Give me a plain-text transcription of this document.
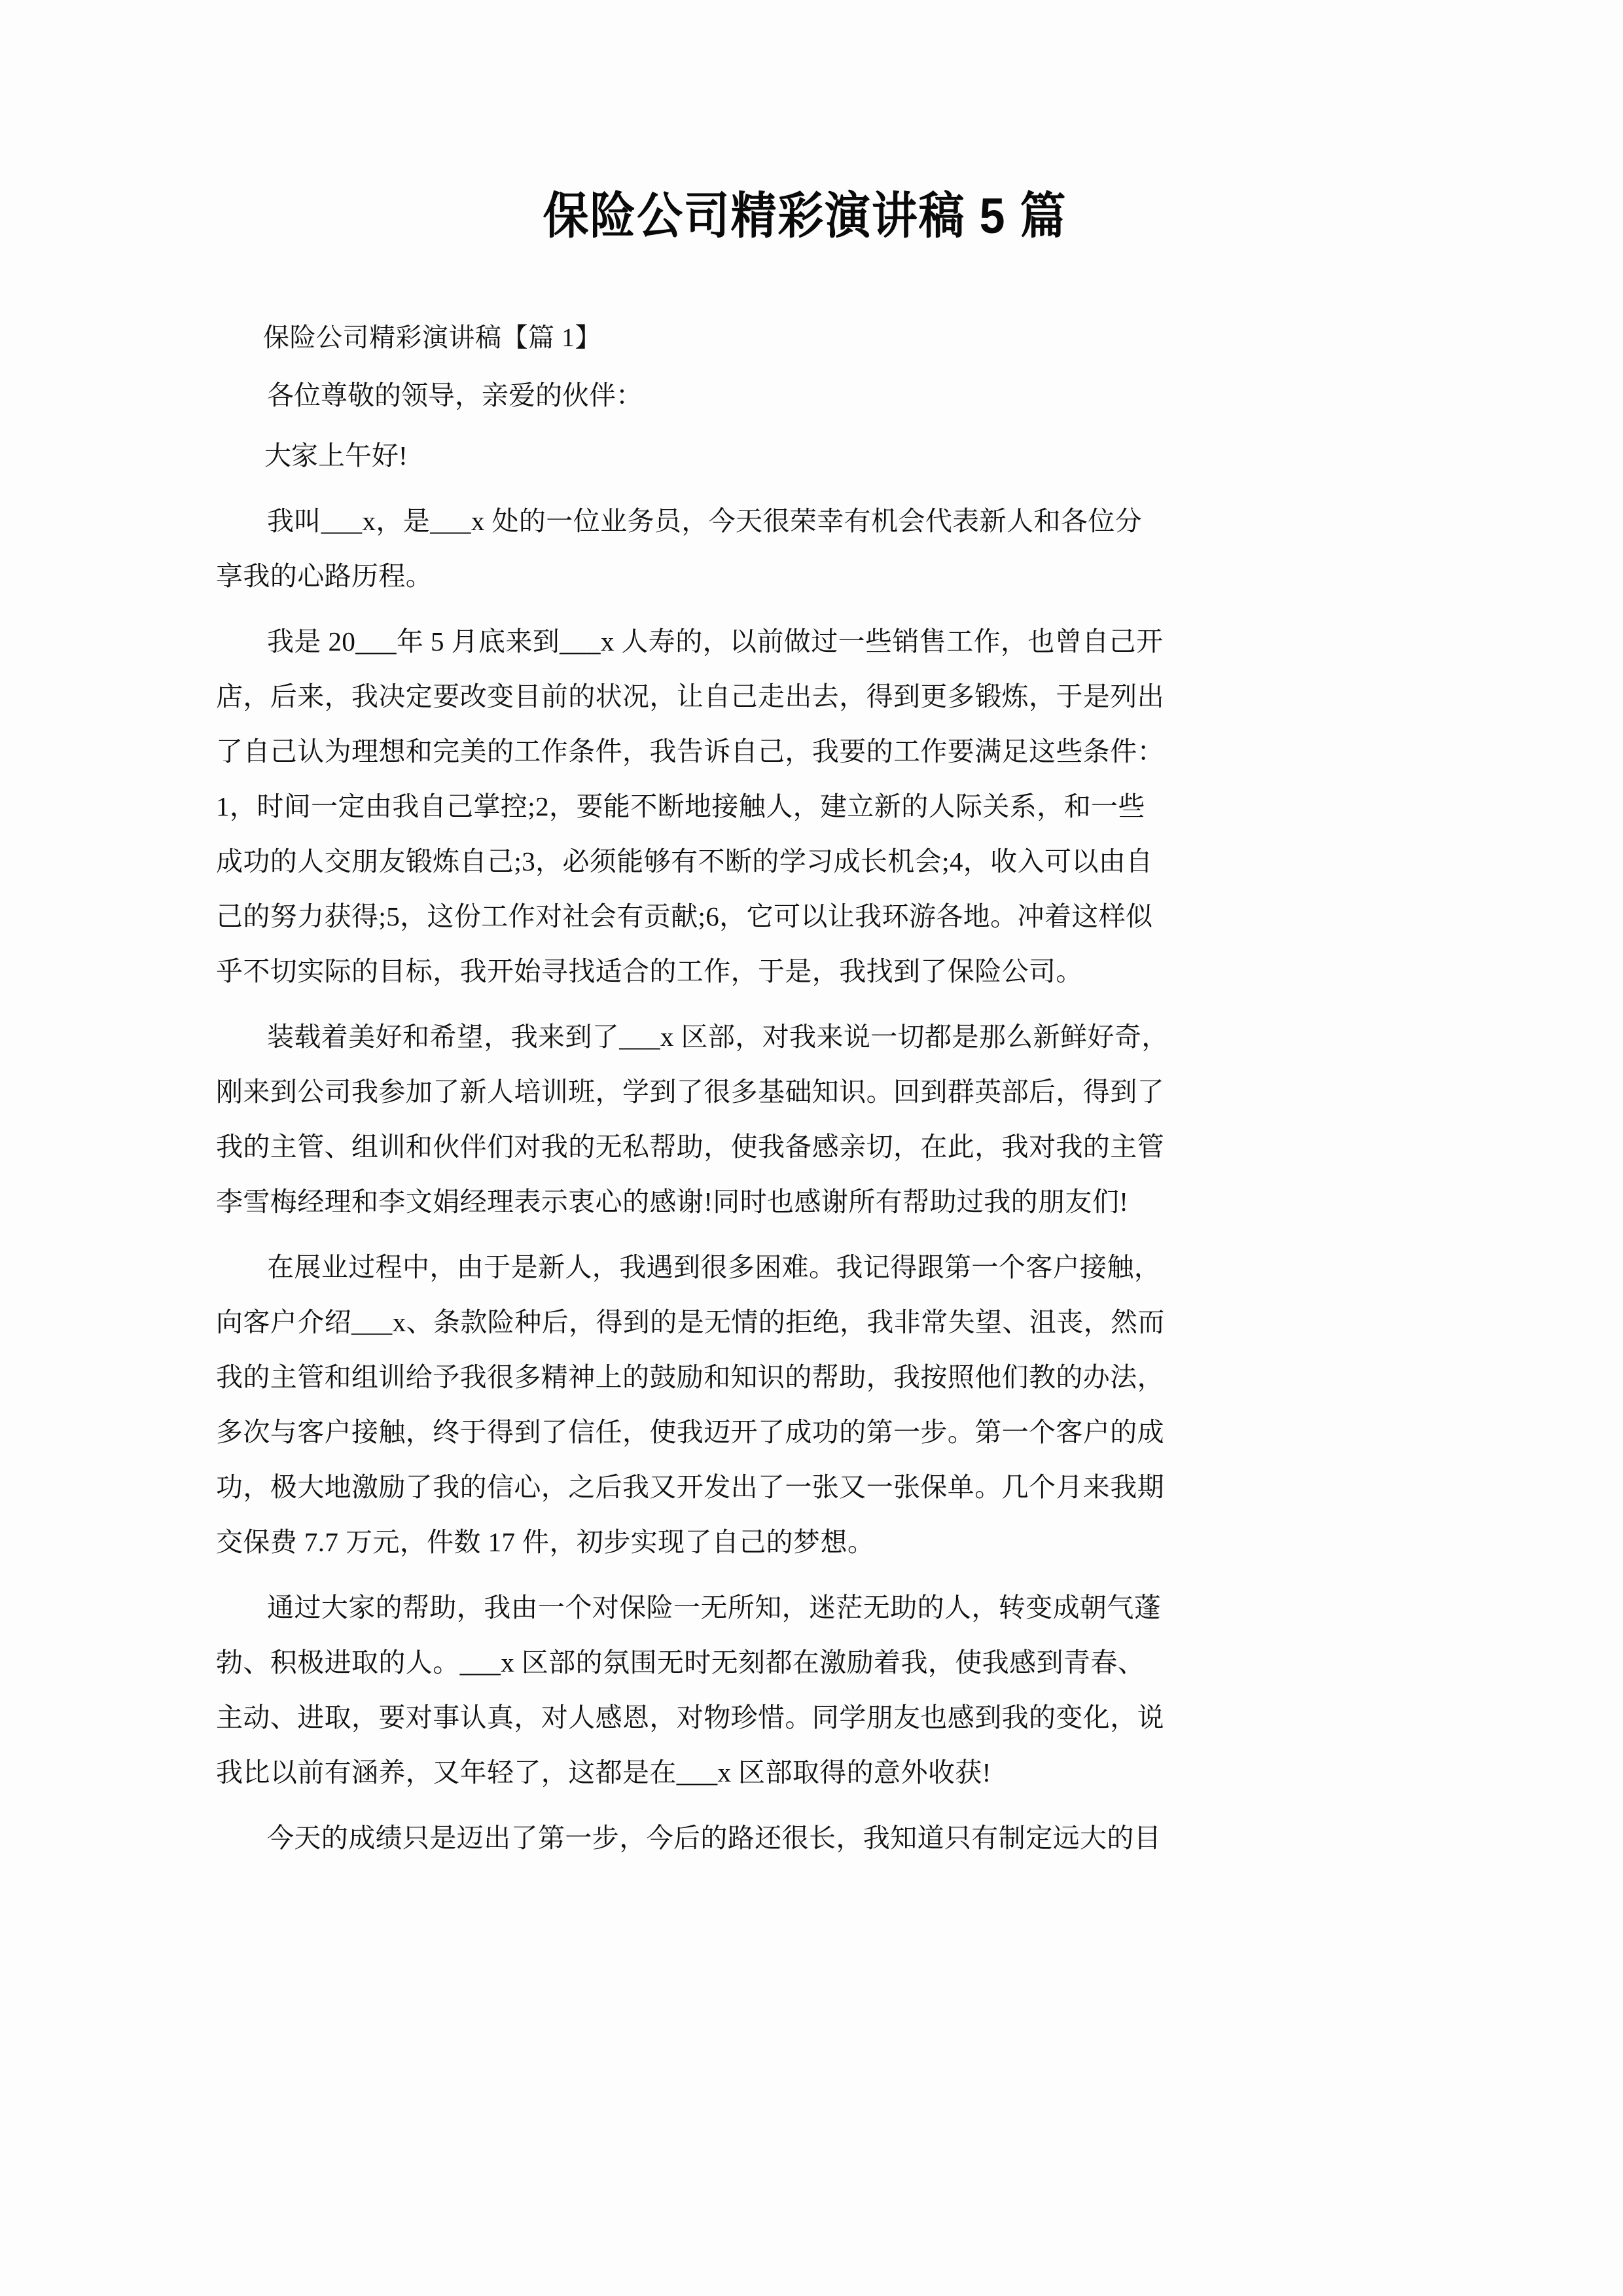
保险公司精彩演讲稿 5 篇

保险公司精彩演讲稿【篇 1】

各位尊敬的领导，亲爱的伙伴：

大家上午好!

我叫___x，是___x 处的一位业务员，今天很荣幸有机会代表新人和各位分

享我的心路历程。

我是 20___年 5 月底来到___x 人寿的，以前做过一些销售工作，也曾自己开

店，后来，我决定要改变目前的状况，让自己走出去，得到更多锻炼，于是列出

了自己认为理想和完美的工作条件，我告诉自己，我要的工作要满足这些条件：

1，时间一定由我自己掌控;2，要能不断地接触人，建立新的人际关系，和一些

成功的人交朋友锻炼自己;3，必须能够有不断的学习成长机会;4，收入可以由自

己的努力获得;5，这份工作对社会有贡献;6，它可以让我环游各地。冲着这样似

乎不切实际的目标，我开始寻找适合的工作，于是，我找到了保险公司。

装载着美好和希望，我来到了___x 区部，对我来说一切都是那么新鲜好奇，

刚来到公司我参加了新人培训班，学到了很多基础知识。回到群英部后，得到了

我的主管、组训和伙伴们对我的无私帮助，使我备感亲切，在此，我对我的主管

李雪梅经理和李文娟经理表示衷心的感谢!同时也感谢所有帮助过我的朋友们!

在展业过程中，由于是新人，我遇到很多困难。我记得跟第一个客户接触，

向客户介绍___x、条款险种后，得到的是无情的拒绝，我非常失望、沮丧，然而

我的主管和组训给予我很多精神上的鼓励和知识的帮助，我按照他们教的办法，

多次与客户接触，终于得到了信任，使我迈开了成功的第一步。第一个客户的成

功，极大地激励了我的信心，之后我又开发出了一张又一张保单。几个月来我期

交保费 7.7 万元，件数 17 件，初步实现了自己的梦想。

通过大家的帮助，我由一个对保险一无所知，迷茫无助的人，转变成朝气蓬

勃、积极进取的人。___x 区部的氛围无时无刻都在激励着我，使我感到青春、

主动、进取，要对事认真，对人感恩，对物珍惜。同学朋友也感到我的变化，说

我比以前有涵养，又年轻了，这都是在___x 区部取得的意外收获!

今天的成绩只是迈出了第一步，今后的路还很长，我知道只有制定远大的目
